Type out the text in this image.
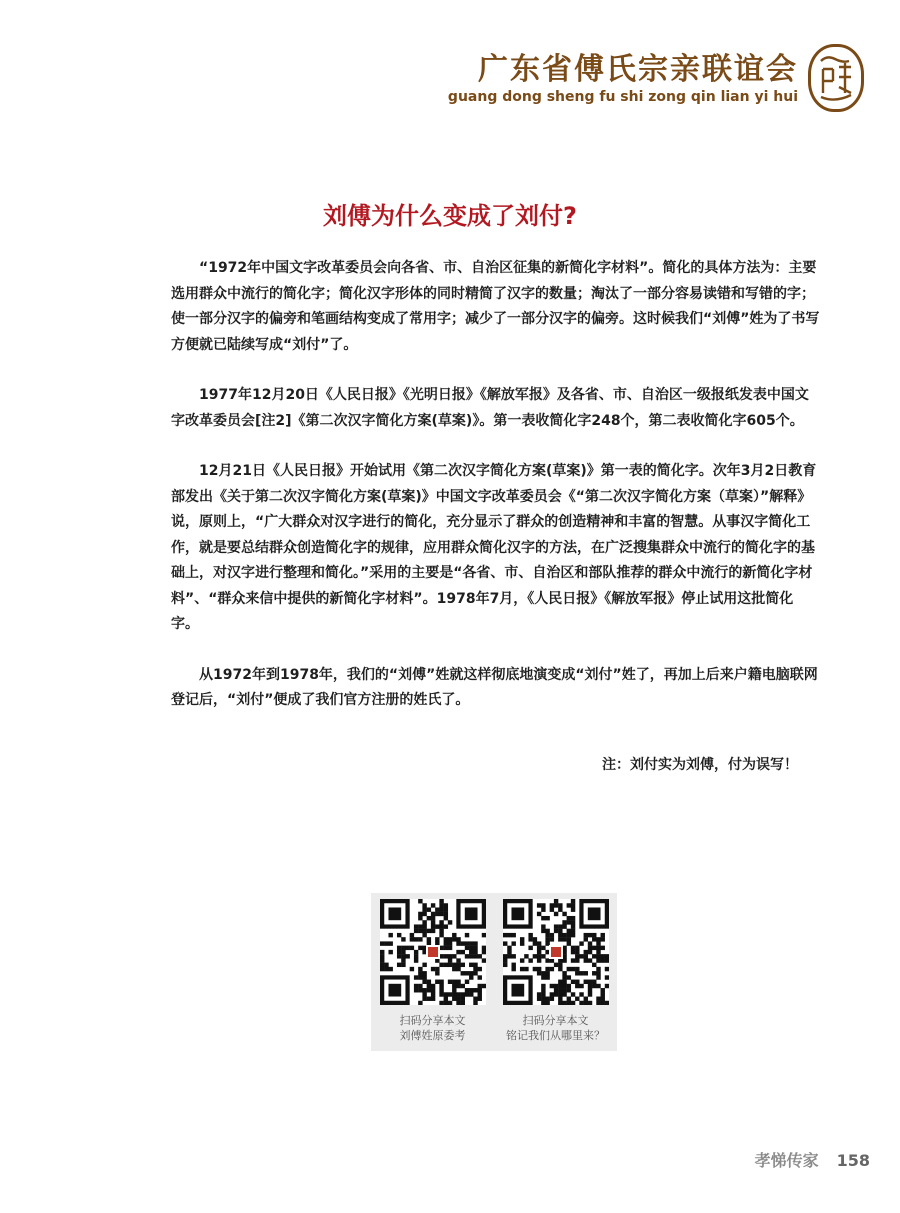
广东省傅氏宗亲联谊会
guang dong sheng fu shi zong qin lian yi hui
刘傅为什么变成了刘付?

“1972年中国文字改革委员会向各省、市、自治区征集的新简化字材料”。简化的具体方法为：主要选用群众中流行的简化字；简化汉字形体的同时精简了汉字的数量；淘汰了一部分容易读错和写错的字；使一部分汉字的偏旁和笔画结构变成了常用字；减少了一部分汉字的偏旁。这时候我们“刘傅”姓为了书写方便就已陆续写成“刘付”了。

1977年12月20日《人民日报》《光明日报》《解放军报》及各省、市、自治区一级报纸发表中国文字改革委员会[注2]《第二次汉字简化方案(草案)》。第一表收简化字248个，第二表收简化字605个。

12月21日《人民日报》开始试用《第二次汉字简化方案(草案)》第一表的简化字。次年3月2日教育部发出《关于第二次汉字简化方案(草案)》中国文字改革委员会《“第二次汉字简化方案（草案）”解释》说，原则上，“广大群众对汉字进行的简化，充分显示了群众的创造精神和丰富的智慧。从事汉字简化工作，就是要总结群众创造简化字的规律，应用群众简化汉字的方法，在广泛搜集群众中流行的简化字的基础上，对汉字进行整理和简化。”采用的主要是“各省、市、自治区和部队推荐的群众中流行的新简化字材料”、“群众来信中提供的新简化字材料”。1978年7月，《人民日报》《解放军报》停止试用这批简化字。

从1972年到1978年，我们的“刘傅”姓就这样彻底地演变成“刘付”姓了，再加上后来户籍电脑联网登记后，“刘付”便成了我们官方注册的姓氏了。

注：刘付实为刘傅，付为误写！
扫码分享本文
刘傅姓原委考
扫码分享本文
铭记我们从哪里来？
孝悌传家 158
